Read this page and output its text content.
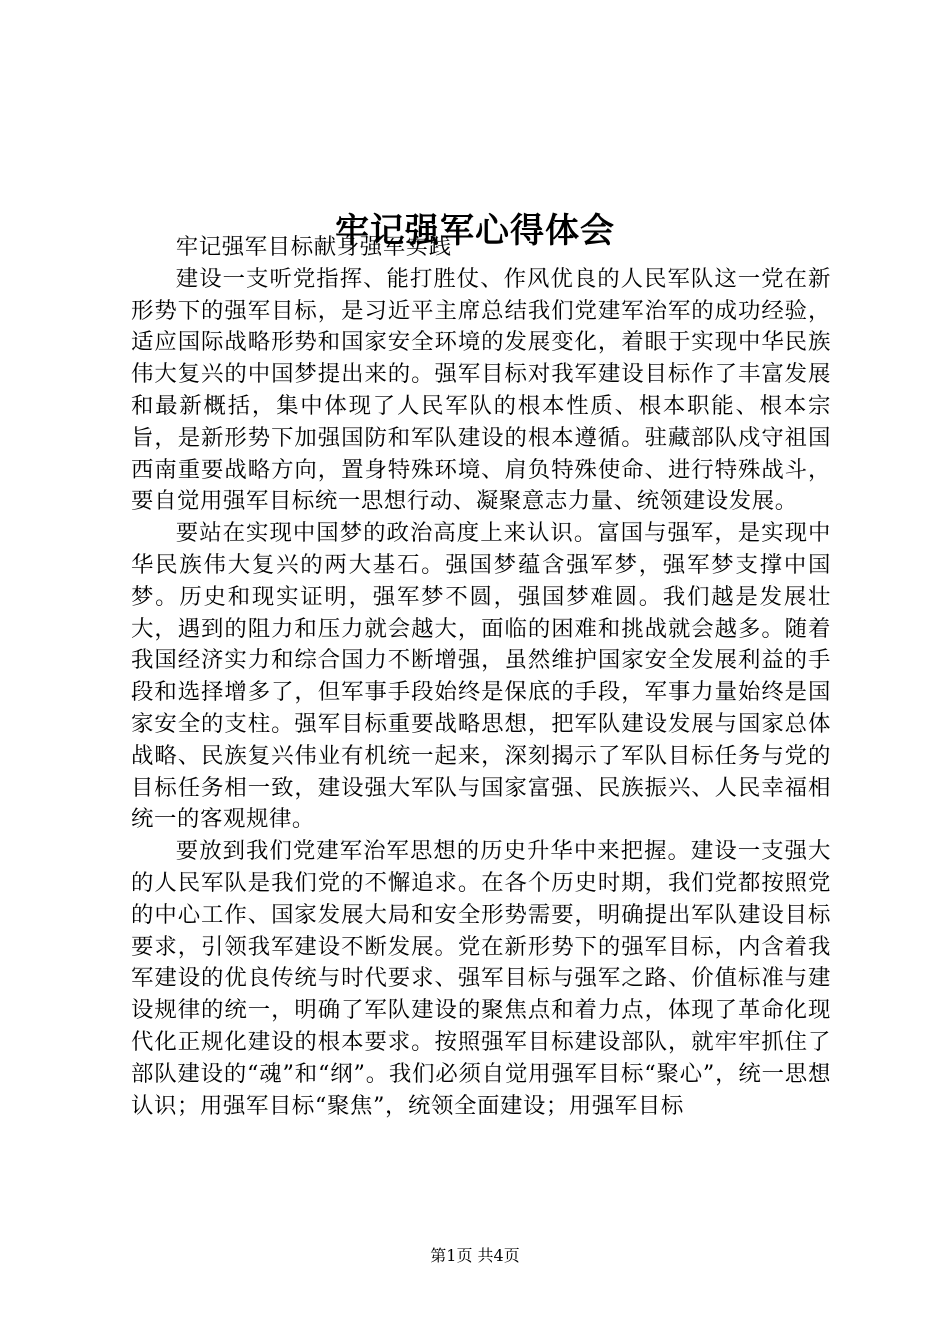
牢记强军心得体会

牢记强军目标献身强军实践

建设一支听党指挥、能打胜仗、作风优良的人民军队这一党在新形势下的强军目标，是习近平主席总结我们党建军治军的成功经验，适应国际战略形势和国家安全环境的发展变化，着眼于实现中华民族伟大复兴的中国梦提出来的。强军目标对我军建设目标作了丰富发展和最新概括，集中体现了人民军队的根本性质、根本职能、根本宗旨，是新形势下加强国防和军队建设的根本遵循。驻藏部队戍守祖国西南重要战略方向，置身特殊环境、肩负特殊使命、进行特殊战斗，要自觉用强军目标统一思想行动、凝聚意志力量、统领建设发展。

要站在实现中国梦的政治高度上来认识。富国与强军，是实现中华民族伟大复兴的两大基石。强国梦蕴含强军梦，强军梦支撑中国梦。历史和现实证明，强军梦不圆，强国梦难圆。我们越是发展壮大，遇到的阻力和压力就会越大，面临的困难和挑战就会越多。随着我国经济实力和综合国力不断增强，虽然维护国家安全发展利益的手段和选择增多了，但军事手段始终是保底的手段，军事力量始终是国家安全的支柱。强军目标重要战略思想，把军队建设发展与国家总体战略、民族复兴伟业有机统一起来，深刻揭示了军队目标任务与党的目标任务相一致，建设强大军队与国家富强、民族振兴、人民幸福相统一的客观规律。

要放到我们党建军治军思想的历史升华中来把握。建设一支强大的人民军队是我们党的不懈追求。在各个历史时期，我们党都按照党的中心工作、国家发展大局和安全形势需要，明确提出军队建设目标要求，引领我军建设不断发展。党在新形势下的强军目标，内含着我军建设的优良传统与时代要求、强军目标与强军之路、价值标准与建设规律的统一，明确了军队建设的聚焦点和着力点，体现了革命化现代化正规化建设的根本要求。按照强军目标建设部队，就牢牢抓住了部队建设的“魂”和“纲”。我们必须自觉用强军目标“聚心”，统一思想认识；用强军目标“聚焦”，统领全面建设；用强军目标

第1页 共4页
